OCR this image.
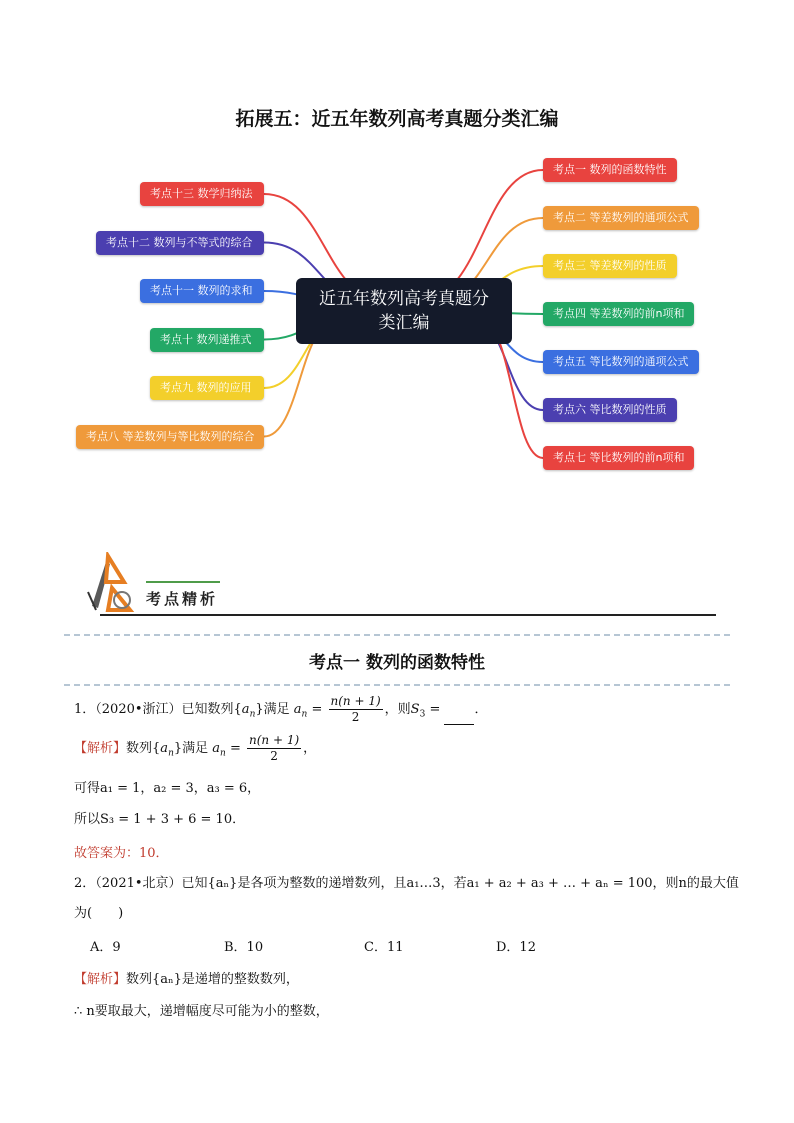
拓展五：近五年数列高考真题分类汇编
考点一 数列的函数特性
考点二 等差数列的通项公式
考点三 等差数列的性质
考点四 等差数列的前n项和
考点五 等比数列的通项公式
考点六 等比数列的性质
考点七 等比数列的前n项和
考点十三 数学归纳法
考点十二 数列与不等式的综合
考点十一 数列的求和
考点十 数列递推式
考点九 数列的应用
考点八 等差数列与等比数列的综合
近五年数列高考真题分
类汇编
考点精析
考点一 数列的函数特性
1．（2020•浙江）已知数列$\{a_n\}$满足 $a_n = \frac{n(n + 1)}{2}$ ，则$S_3$ = ．
【解析】数列$\{a_n\}$满足 $a_n = \frac{n(n + 1)}{2}$ ，
可得a₁ = 1，a₂ = 3，a₃ = 6，
所以S₃ = 1 + 3 + 6 = 10．
故答案为：10．
2．（2021•北京）已知{aₙ}是各项为整数的递增数列，且a₁…3，若a₁ + a₂ + a₃ + … + aₙ = 100，则n的最大值
为(　　)
A．9	B．10	C．11	D．12
【解析】数列{aₙ}是递增的整数数列，
∴ n要取最大，递增幅度尽可能为小的整数，
